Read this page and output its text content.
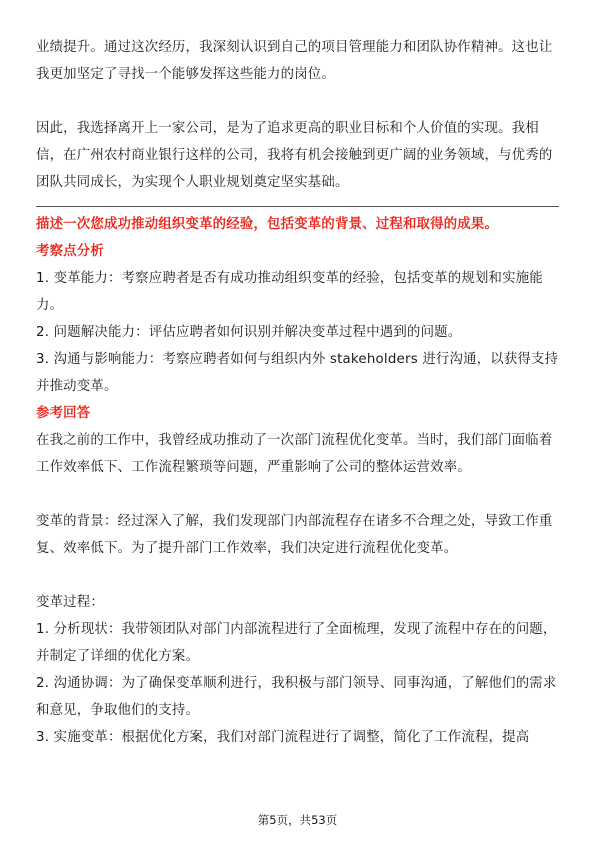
业绩提升。通过这次经历，我深刻认识到自己的项目管理能力和团队协作精神。这也让我更加坚定了寻找一个能够发挥这些能力的岗位。

因此，我选择离开上一家公司，是为了追求更高的职业目标和个人价值的实现。我相信，在广州农村商业银行这样的公司，我将有机会接触到更广阔的业务领域，与优秀的团队共同成长，为实现个人职业规划奠定坚实基础。

描述一次您成功推动组织变革的经验，包括变革的背景、过程和取得的成果。

考察点分析

1. 变革能力：考察应聘者是否有成功推动组织变革的经验，包括变革的规划和实施能力。

2. 问题解决能力：评估应聘者如何识别并解决变革过程中遇到的问题。

3. 沟通与影响能力：考察应聘者如何与组织内外 stakeholders 进行沟通，以获得支持并推动变革。

参考回答

在我之前的工作中，我曾经成功推动了一次部门流程优化变革。当时，我们部门面临着工作效率低下、工作流程繁琐等问题，严重影响了公司的整体运营效率。

变革的背景：经过深入了解，我们发现部门内部流程存在诸多不合理之处，导致工作重复、效率低下。为了提升部门工作效率，我们决定进行流程优化变革。

变革过程：

1. 分析现状：我带领团队对部门内部流程进行了全面梳理，发现了流程中存在的问题，并制定了详细的优化方案。

2. 沟通协调：为了确保变革顺利进行，我积极与部门领导、同事沟通，了解他们的需求和意见，争取他们的支持。

3. 实施变革：根据优化方案，我们对部门流程进行了调整，简化了工作流程，提高

第5页，共53页
